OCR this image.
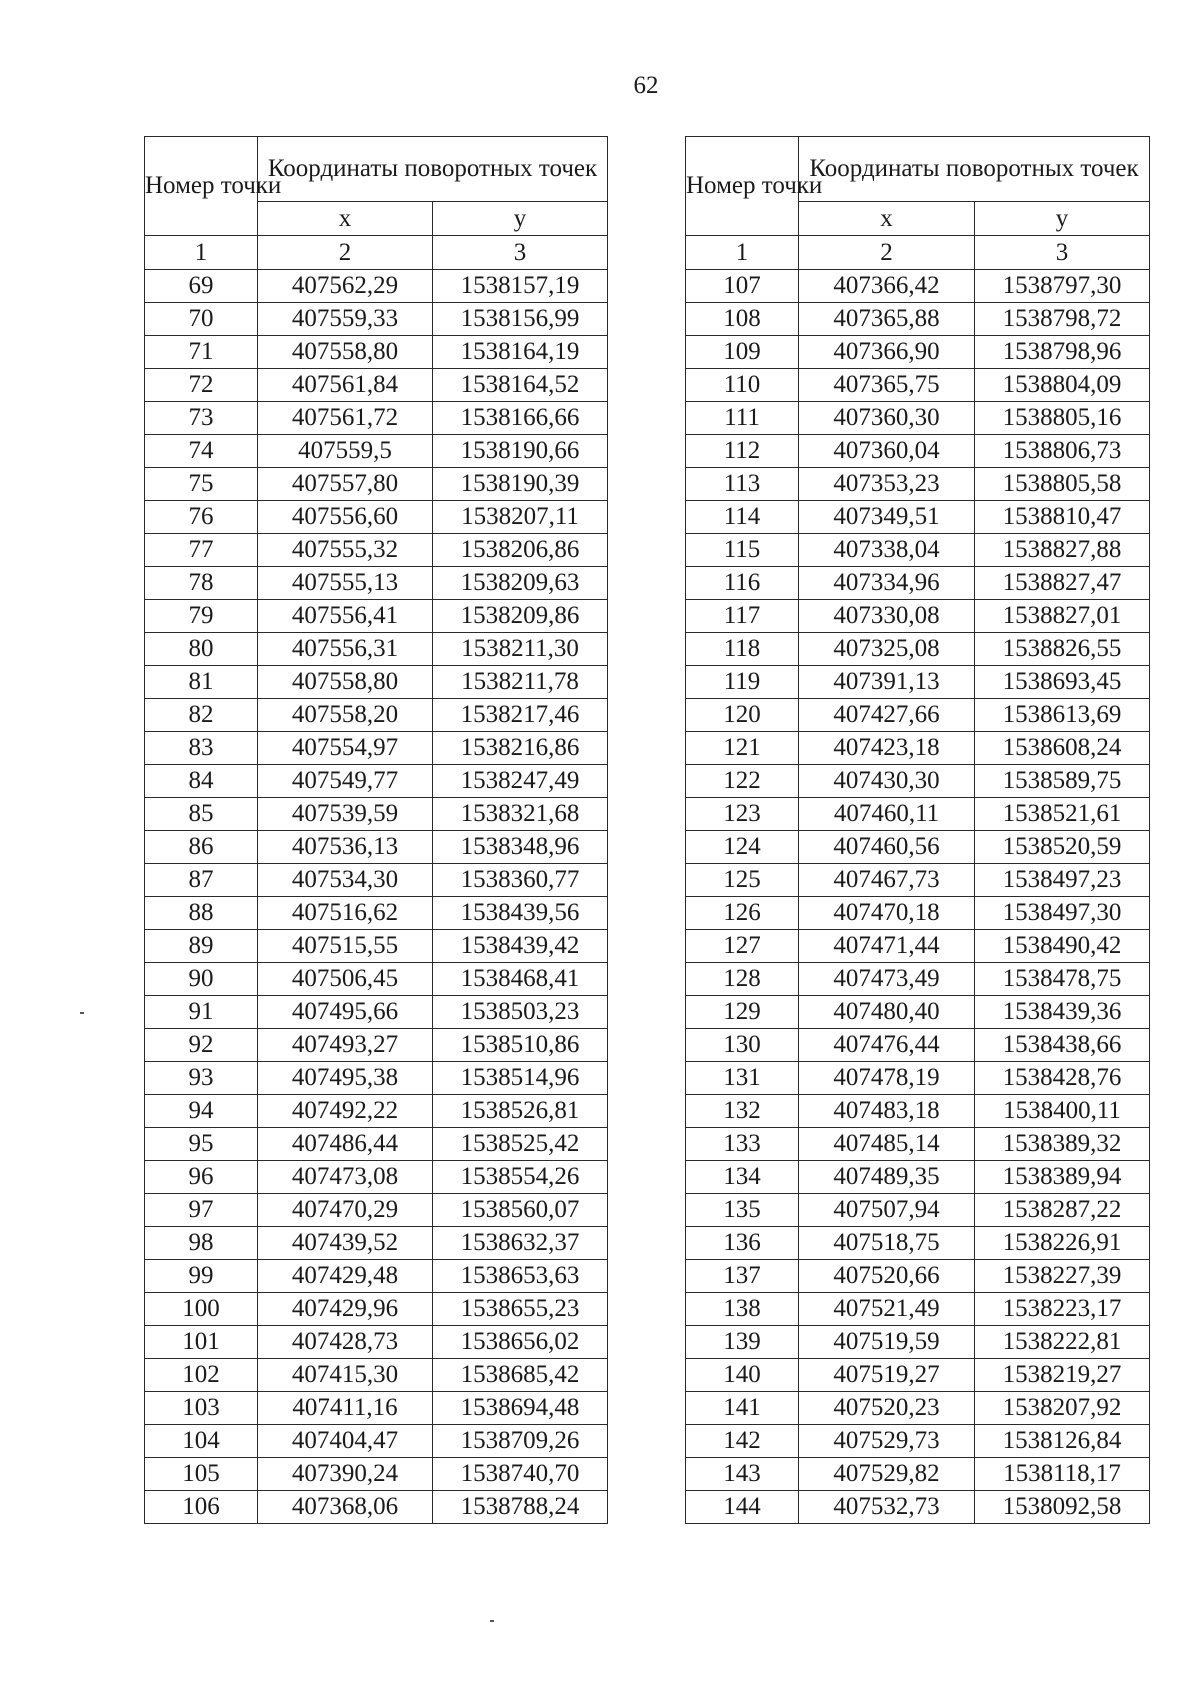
62
Номер точки	Координаты поворотных точек	
	x	y
1	2	3
69	407562,29	1538157,19
70	407559,33	1538156,99
71	407558,80	1538164,19
72	407561,84	1538164,52
73	407561,72	1538166,66
74	407559,5	1538190,66
75	407557,80	1538190,39
76	407556,60	1538207,11
77	407555,32	1538206,86
78	407555,13	1538209,63
79	407556,41	1538209,86
80	407556,31	1538211,30
81	407558,80	1538211,78
82	407558,20	1538217,46
83	407554,97	1538216,86
84	407549,77	1538247,49
85	407539,59	1538321,68
86	407536,13	1538348,96
87	407534,30	1538360,77
88	407516,62	1538439,56
89	407515,55	1538439,42
90	407506,45	1538468,41
91	407495,66	1538503,23
92	407493,27	1538510,86
93	407495,38	1538514,96
94	407492,22	1538526,81
95	407486,44	1538525,42
96	407473,08	1538554,26
97	407470,29	1538560,07
98	407439,52	1538632,37
99	407429,48	1538653,63
100	407429,96	1538655,23
101	407428,73	1538656,02
102	407415,30	1538685,42
103	407411,16	1538694,48
104	407404,47	1538709,26
105	407390,24	1538740,70
106	407368,06	1538788,24
Номер точки	Координаты поворотных точек	
	x	y
1	2	3
107	407366,42	1538797,30
108	407365,88	1538798,72
109	407366,90	1538798,96
110	407365,75	1538804,09
111	407360,30	1538805,16
112	407360,04	1538806,73
113	407353,23	1538805,58
114	407349,51	1538810,47
115	407338,04	1538827,88
116	407334,96	1538827,47
117	407330,08	1538827,01
118	407325,08	1538826,55
119	407391,13	1538693,45
120	407427,66	1538613,69
121	407423,18	1538608,24
122	407430,30	1538589,75
123	407460,11	1538521,61
124	407460,56	1538520,59
125	407467,73	1538497,23
126	407470,18	1538497,30
127	407471,44	1538490,42
128	407473,49	1538478,75
129	407480,40	1538439,36
130	407476,44	1538438,66
131	407478,19	1538428,76
132	407483,18	1538400,11
133	407485,14	1538389,32
134	407489,35	1538389,94
135	407507,94	1538287,22
136	407518,75	1538226,91
137	407520,66	1538227,39
138	407521,49	1538223,17
139	407519,59	1538222,81
140	407519,27	1538219,27
141	407520,23	1538207,92
142	407529,73	1538126,84
143	407529,82	1538118,17
144	407532,73	1538092,58
